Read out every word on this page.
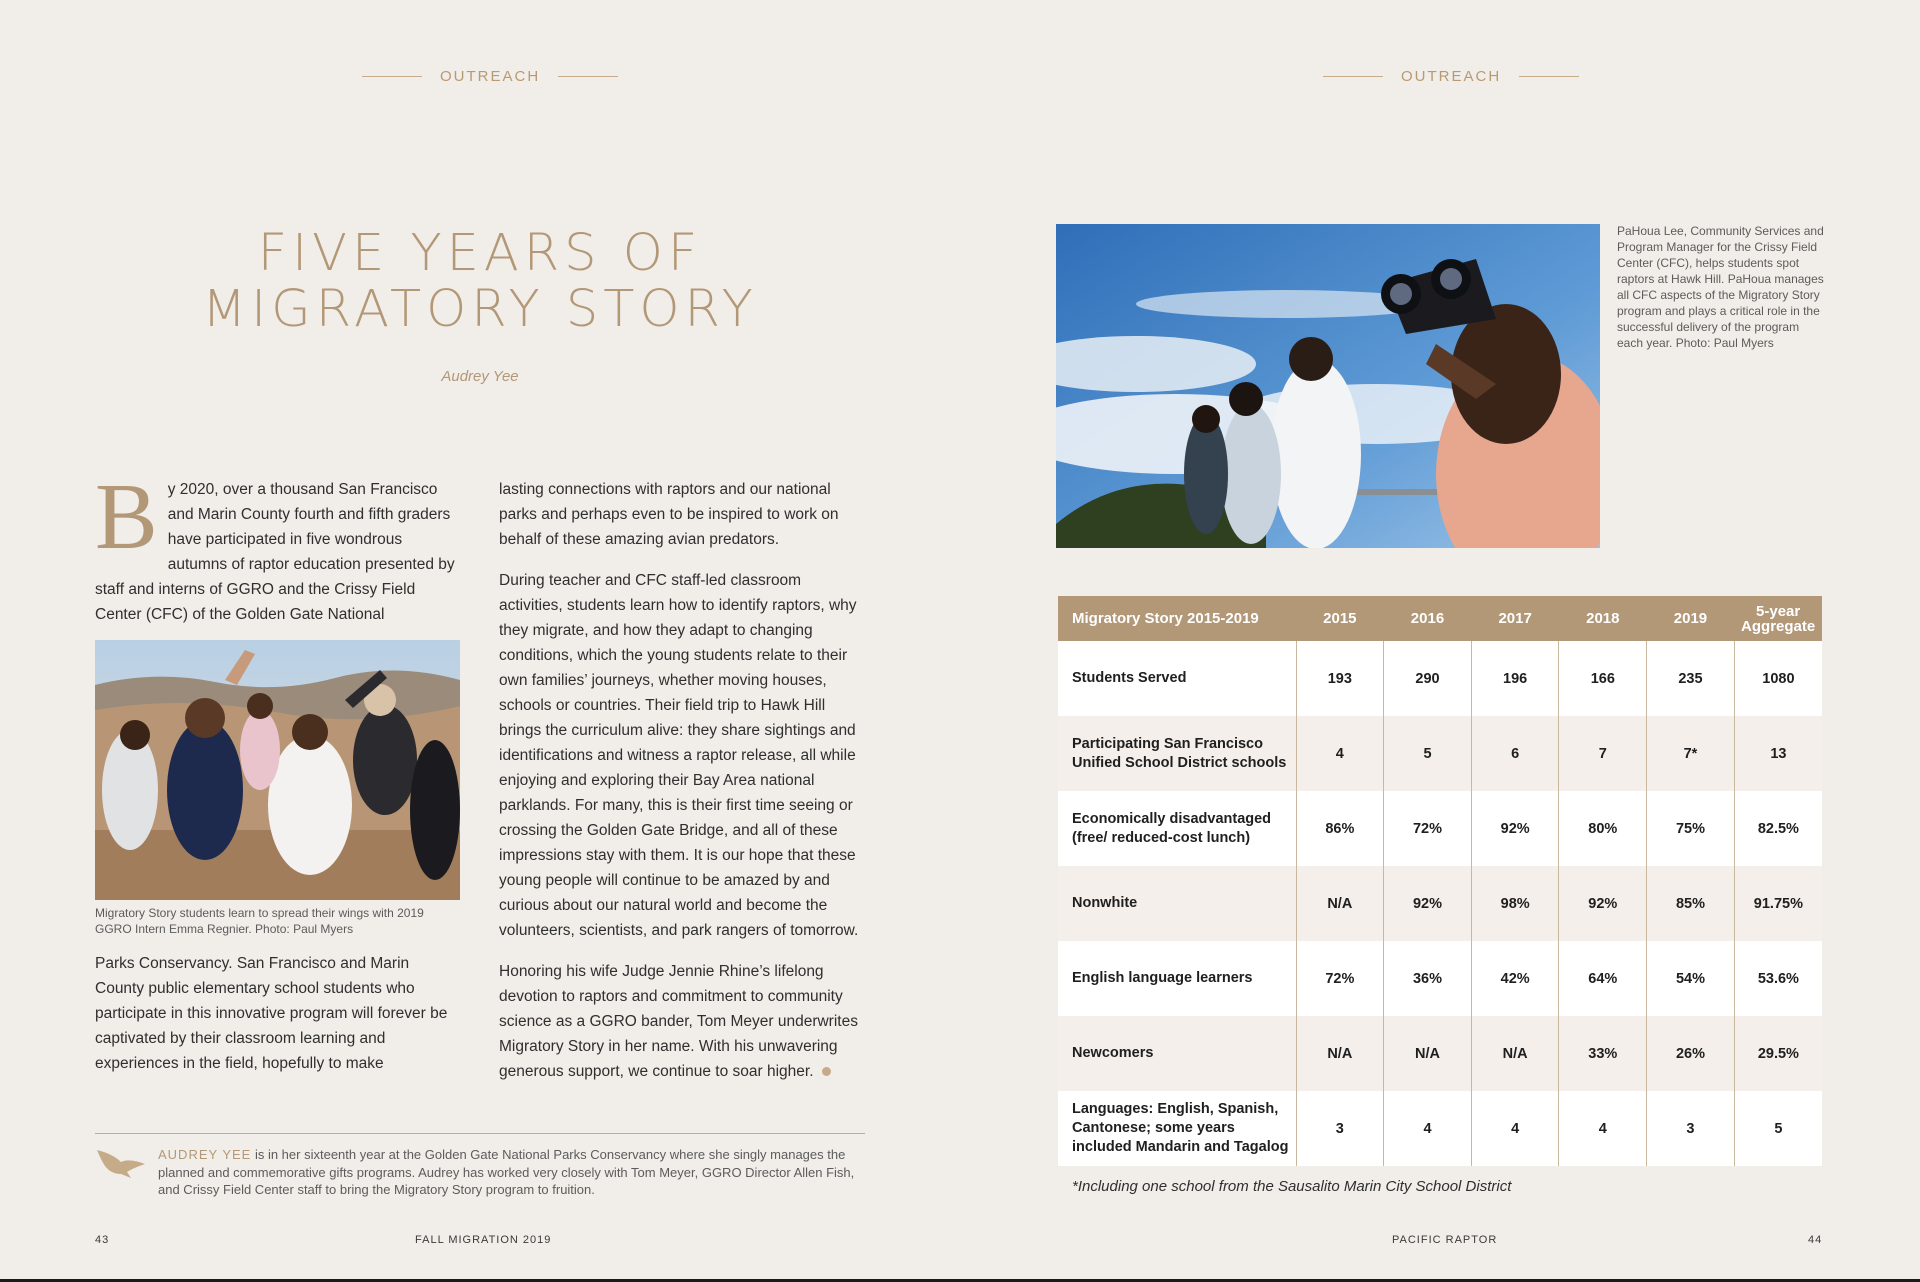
OUTREACH
FIVE YEARS OF
MIGRATORY STORY
Audrey Yee
B y 2020, over a thousand San Francisco and Marin County fourth and fifth graders have participated in five wondrous autumns of raptor education presented by staff and interns of GGRO and the Crissy Field Center (CFC) of the Golden Gate National
Migratory Story students learn to spread their wings with 2019 GGRO Intern Emma Regnier. Photo: Paul Myers
Parks Conservancy. San Francisco and Marin County public elementary school students who participate in this innovative program will forever be captivated by their classroom learning and experiences in the field, hopefully to make

lasting connections with raptors and our national parks and perhaps even to be inspired to work on behalf of these amazing avian predators.

During teacher and CFC staff-led classroom activities, students learn how to identify raptors, why they migrate, and how they adapt to changing conditions, which the young students relate to their own families’ journeys, whether moving houses, schools or countries. Their field trip to Hawk Hill brings the curriculum alive: they share sightings and identifications and witness a raptor release, all while enjoying and exploring their Bay Area national parklands. For many, this is their first time seeing or crossing the Golden Gate Bridge, and all of these impressions stay with them. It is our hope that these young people will continue to be amazed by and curious about our natural world and become the volunteers, scientists, and park rangers of tomorrow.

Honoring his wife Judge Jennie Rhine’s lifelong devotion to raptors and commitment to community science as a GGRO bander, Tom Meyer underwrites Migratory Story in her name. With his unwavering generous support, we continue to soar higher.

AUDREY YEE is in her sixteenth year at the Golden Gate National Parks Conservancy where she singly manages the planned and commemorative gifts programs. Audrey has worked very closely with Tom Meyer, GGRO Director Allen Fish, and Crissy Field Center staff to bring the Migratory Story program to fruition.
43	FALL MIGRATION 2019
OUTREACH
PaHoua Lee, Community Services and Program Manager for the Crissy Field Center (CFC), helps students spot raptors at Hawk Hill. PaHoua manages all CFC aspects of the Migratory Story program and plays a critical role in the successful delivery of the program each year. Photo: Paul Myers
Migratory Story 2015-2019	2015	2016	2017	2018	2019	5-year Aggregate
Students Served	193	290	196	166	235	1080
Participating San Francisco Unified School District schools	4	5	6	7	7*	13
Economically disadvantaged (free/ reduced-cost lunch)	86%	72%	92%	80%	75%	82.5%
Nonwhite	N/A	92%	98%	92%	85%	91.75%
English language learners	72%	36%	42%	64%	54%	53.6%
Newcomers	N/A	N/A	N/A	33%	26%	29.5%
Languages: English, Spanish, Cantonese; some years included Mandarin and Tagalog	3	4	4	4	3	5
*Including one school from the Sausalito Marin City School District
PACIFIC RAPTOR	44
